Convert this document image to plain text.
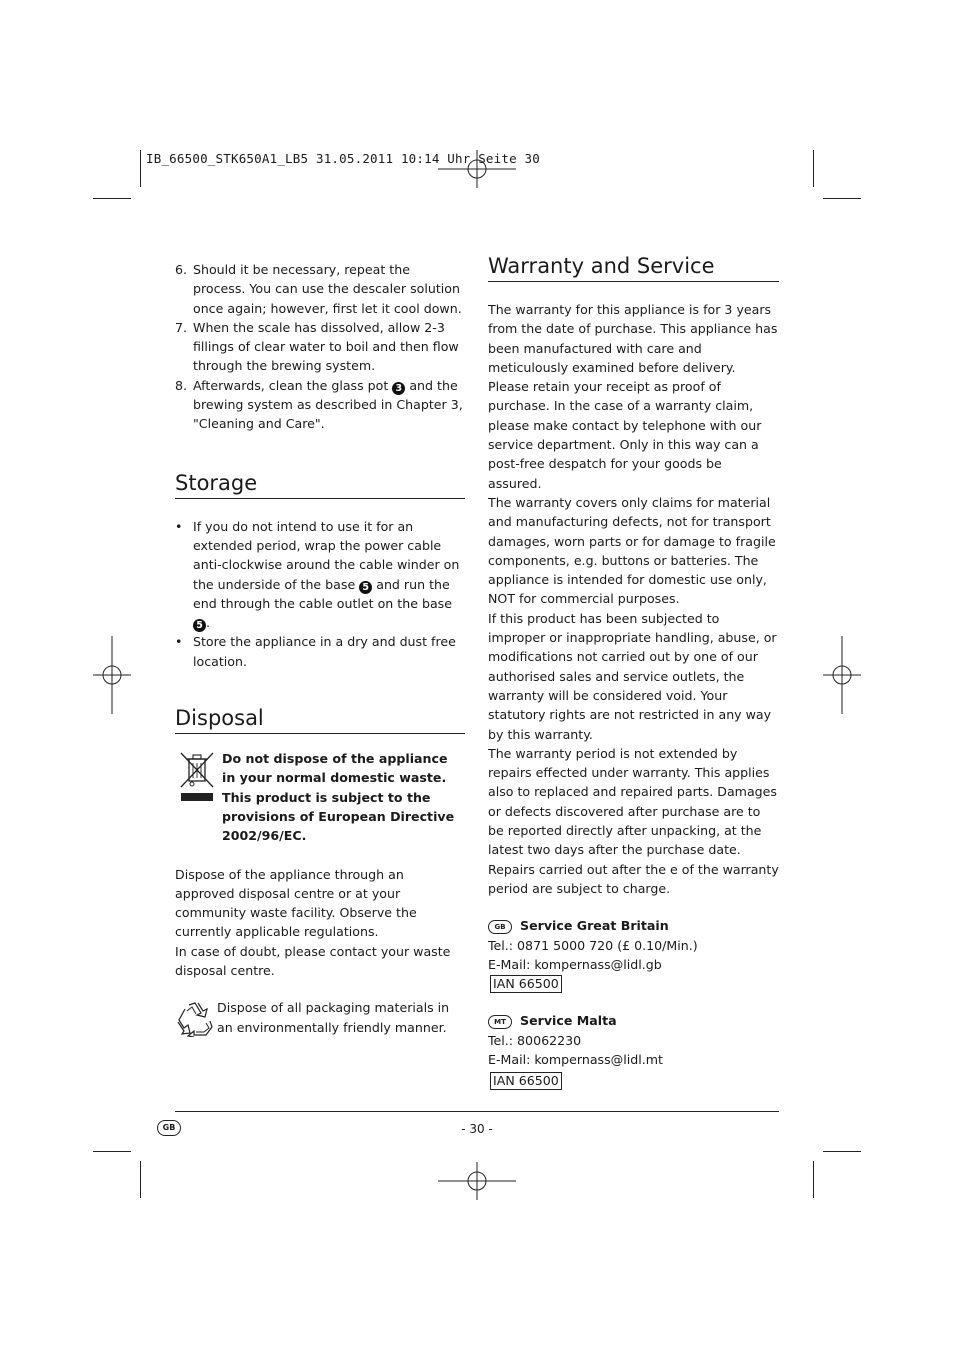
IB_66500_STK650A1_LB5 31.05.2011 10:14 Uhr Seite 30
6. Should it be necessary, repeat the process. You can use the descaler solution once again; however, first let it cool down.
7. When the scale has dissolved, allow 2-3 fillings of clear water to boil and then flow through the brewing system.
8. Afterwards, clean the glass pot 3 and the brewing system as described in Chapter 3, "Cleaning and Care".
Storage
• If you do not intend to use it for an extended period, wrap the power cable anti-clockwise around the cable winder on the underside of the base 5 and run the end through the cable outlet on the base 5 .
• Store the appliance in a dry and dust free location.
Disposal

Do not dispose of the appliance in your normal domestic waste. This product is subject to the provisions of European Directive 2002/96/EC.

Dispose of the appliance through an approved disposal centre or at your community waste facility. Observe the currently applicable regulations.

In case of doubt, please contact your waste disposal centre.

Dispose of all packaging materials in an environmentally friendly manner.

Warranty and Service

The warranty for this appliance is for 3 years from the date of purchase. This appliance has been manufactured with care and meticulously examined before delivery.

Please retain your receipt as proof of purchase. In the case of a warranty claim, please make contact by telephone with our service department. Only in this way can a post-free despatch for your goods be assured.

The warranty covers only claims for material and manufacturing defects, not for transport damages, worn parts or for damage to fragile components, e.g. buttons or batteries. The appliance is intended for domestic use only, NOT for commercial purposes.

If this product has been subjected to improper or inappropriate handling, abuse, or modifications not carried out by one of our authorised sales and service outlets, the warranty will be considered void. Your statutory rights are not restricted in any way by this warranty.

The warranty period is not extended by repairs effected under warranty. This applies also to replaced and repaired parts. Damages or defects discovered after purchase are to be reported directly after unpacking, at the latest two days after the purchase date. Repairs carried out after the e of the warranty period are subject to charge.

GB Service Great Britain

Tel.: 0871 5000 720 (£ 0.10/Min.)

E-Mail: kompernass@lidl.gb

IAN 66500

MT Service Malta

Tel.: 80062230

E-Mail: kompernass@lidl.mt

IAN 66500

GB	- 30 -
